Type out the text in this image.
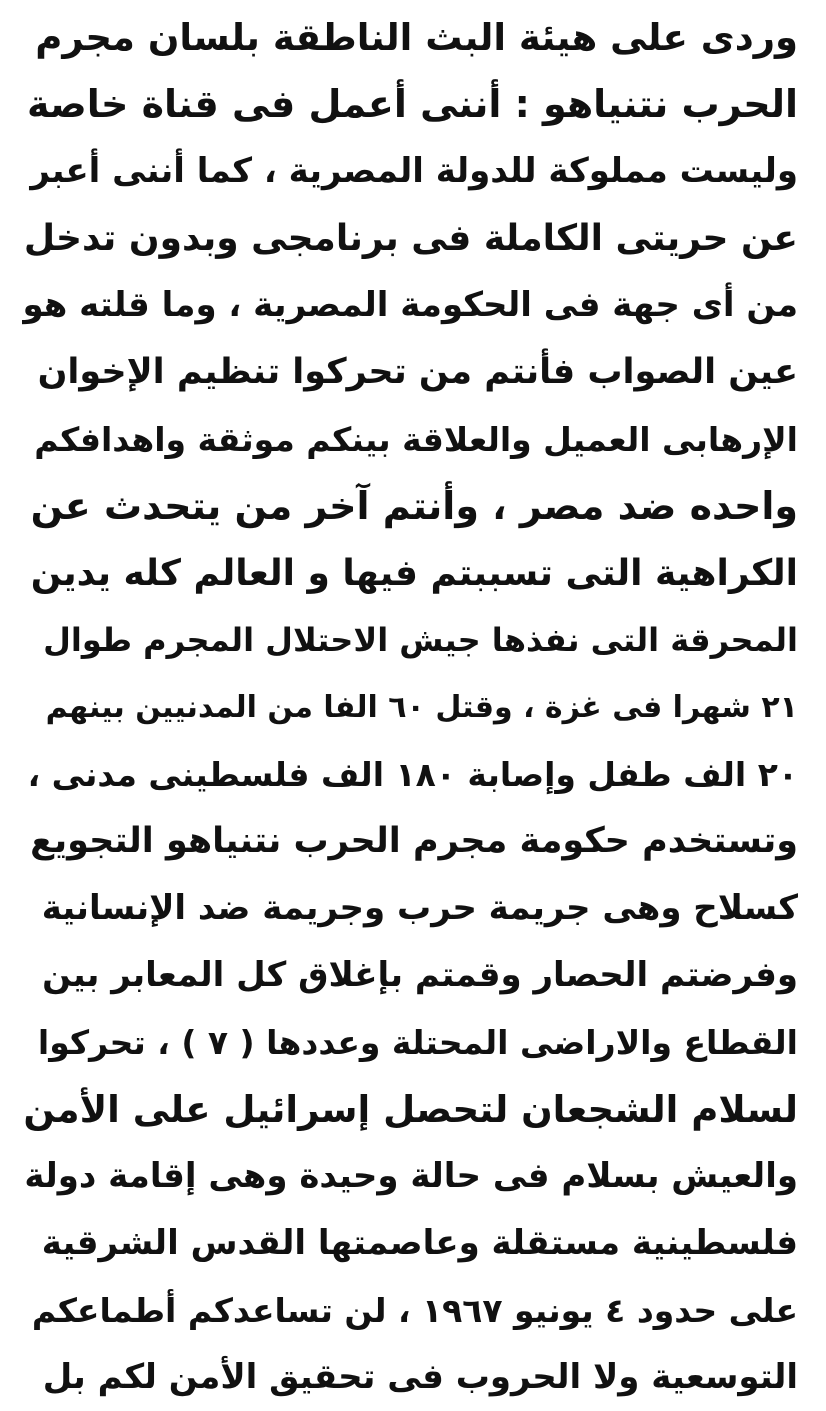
وردى على هيئة البث الناطقة بلسان مجرم
الحرب نتنياهو : أننى أعمل فى قناة خاصة
وليست مملوكة للدولة المصرية ، كما أننى أعبر
عن حريتى الكاملة فى برنامجى وبدون تدخل
من أى جهة فى الحكومة المصرية ، وما قلته هو
عين الصواب فأنتم من تحركوا تنظيم الإخوان
الإرهابى العميل والعلاقة بينكم موثقة واهدافكم
واحده ضد مصر ، وأنتم آخر من يتحدث عن
الكراهية التى تسببتم فيها و العالم كله يدين
المحرقة التى نفذها جيش الاحتلال المجرم طوال
٢١ شهرا فى غزة ، وقتل ٦٠ الفا من المدنيين بينهم
٢٠ الف طفل وإصابة ١٨٠ الف فلسطينى مدنى ،
وتستخدم حكومة مجرم الحرب نتنياهو التجويع
كسلاح وهى جريمة حرب وجريمة ضد الإنسانية
وفرضتم الحصار وقمتم بإغلاق كل المعابر بين
القطاع والاراضى المحتلة وعددها ( ٧ ) ، تحركوا
لسلام الشجعان لتحصل إسرائيل على الأمن
والعيش بسلام فى حالة وحيدة وهى إقامة دولة
فلسطينية مستقلة وعاصمتها القدس الشرقية
على حدود ٤ يونيو ١٩٦٧ ، لن تساعدكم أطماعكم
التوسعية ولا الحروب فى تحقيق الأمن لكم بل
